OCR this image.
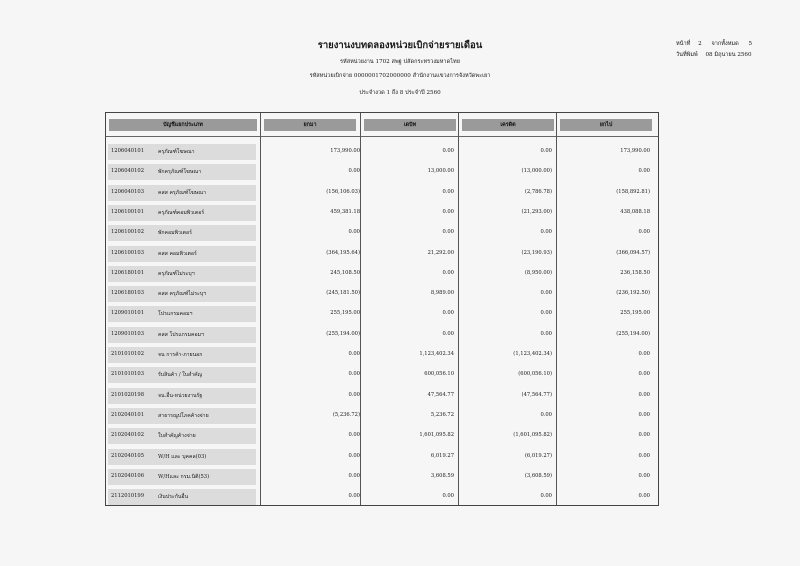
รายงานงบทดลองหน่วยเบิกจ่ายรายเดือน
รหัสหน่วยงาน 1702 สพฐ ปลัดกระทรวงมหาดไทย
รหัสหน่วยเบิกจ่าย 0000001702000000 สำนักงานแขวงการจังหวัดพะเยา
ประจำงวด 1 ถึง 8 ประจำปี 2560
หน้าที่ 2 จากทั้งหมด 5
วันที่พิมพ์ 08 มิถุนายน 2560
บัญชีแยกประเภท	ยกมา	เดบิท	เครดิต	ยกไป
1206040101	ครุภัณฑ์โฆษณา	173,990.00	0.00	0.00	173,990.00
1206040102	พักครุภัณฑ์โฆษณา	0.00	13,000.00	(13,000.00)	0.00
1206040103	คสส ครุภัณฑ์โฆษณา	(156,106.03)	0.00	(2,786.78)	(158,892.81)
1206100101	ครุภัณฑ์คอมพิวเตอร์	459,381.18	0.00	(21,293.00)	438,088.18
1206100102	พักคอมพิวเตอร์	0.00	0.00	0.00	0.00
1206100103	คสส คอมพิวเตอร์	(364,195.64)	21,292.00	(23,190.93)	(366,094.57)
1206180101	ครุภัณฑ์ไม่ระบุฯ	245,108.50	0.00	(8,950.00)	236,158.50
1206180103	คสส ครุภัณฑ์ไม่ระบุฯ	(245,181.50)	8,989.00	0.00	(236,192.50)
1209010101	โปรแกรมคอมฯ	255,195.00	0.00	0.00	255,195.00
1209010103	คสส โปรแกรมคอมฯ	(255,194.00)	0.00	0.00	(255,194.00)
2101010102	จน การค้า-ภายนอก	0.00	1,123,402.34	(1,123,402.34)	0.00
2101010103	รับสินค้า / ใบสำคัญ	0.00	600,056.10	(600,056.10)	0.00
2101020198	จน.อื่น-หน่วยงานรัฐ	0.00	47,564.77	(47,564.77)	0.00
2102040101	สาธารณูปโภคค้างจ่าย	(5,236.72)	5,236.72	0.00	0.00
2102040102	ใบสำคัญค้างจ่าย	0.00	1,601,095.82	(1,601,095.82)	0.00
2102040105	W/H และ บุคคล(03)	0.00	6,019.27	(6,019.27)	0.00
2102040106	W/Hและ กรม.นิติ(53)	0.00	3,608.59	(3,608.59)	0.00
2112010199	เงินประกันอื่น	0.00	0.00	0.00	0.00
